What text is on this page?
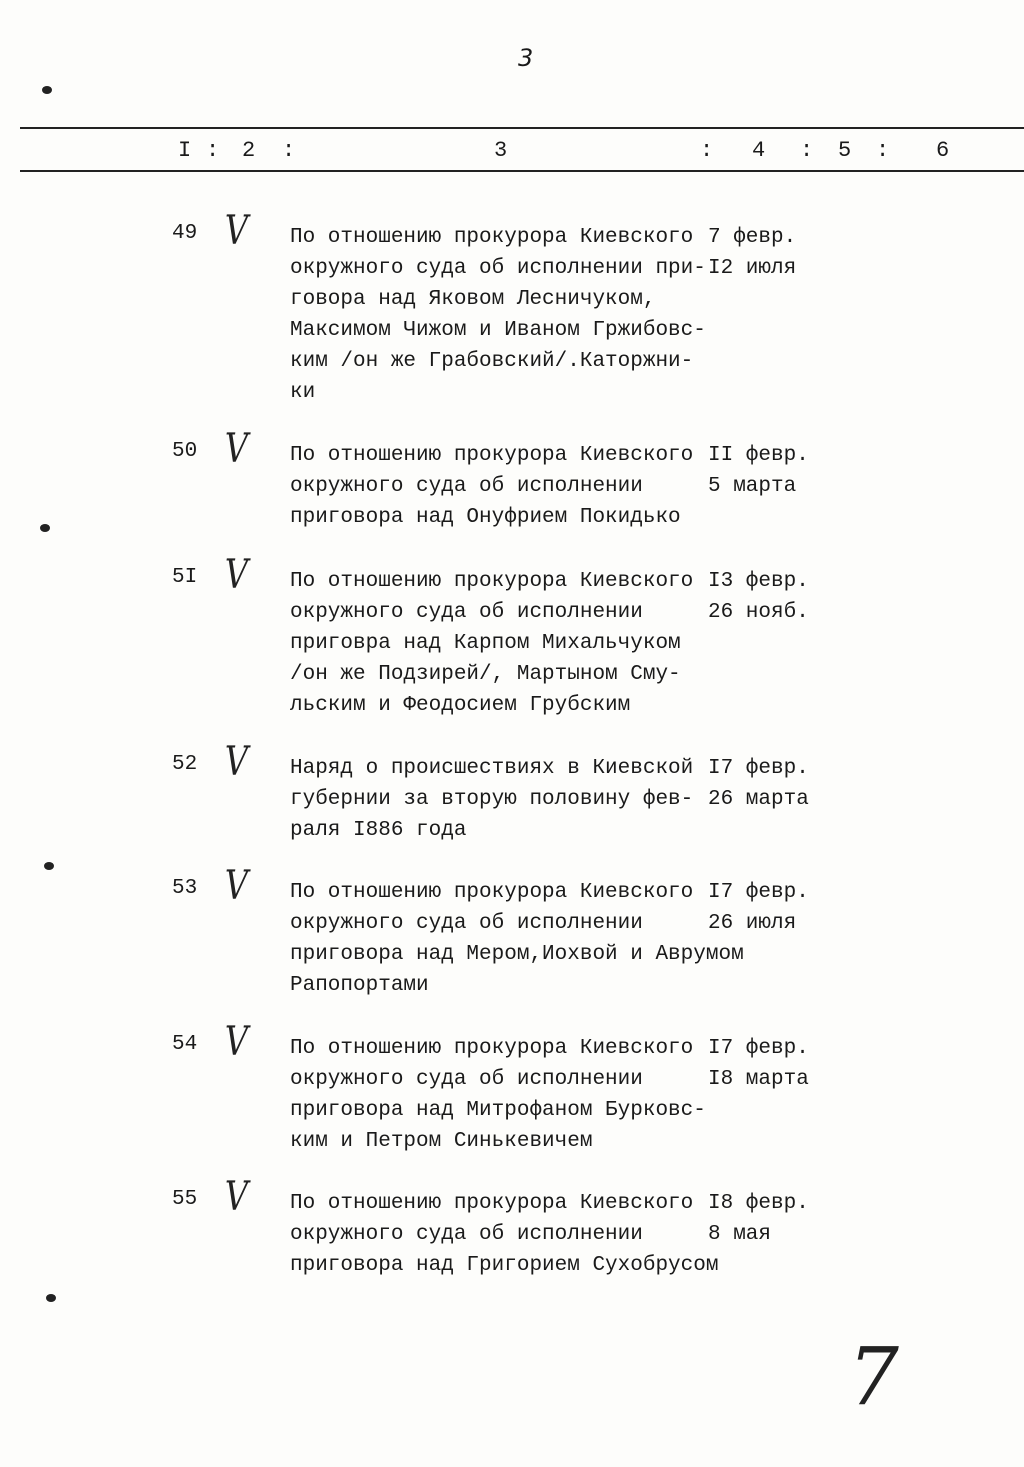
3
I : 2 :	3	: 4 : 5 : 6
49 V По отношению прокурора Киевского
окружного суда об исполнении при-
говора над Яковом Лесничуком,
Максимом Чижом и Иваном Гржибовс-
ким /он же Грабовский/.Каторжни-
ки
7 февр.
I2 июля
50 V По отношению прокурора Киевского
окружного суда об исполнении
приговора над Онуфрием Покидько
II февр.
5 марта
5I V По отношению прокурора Киевского
окружного суда об исполнении
приговра над Карпом Михальчуком
/он же Подзирей/, Мартыном Сму-
льским и Феодосием Грубским
I3 февр.
26 нояб.
52 V Наряд о происшествиях в Киевской
губернии за вторую половину фев-
раля I886 года
I7 февр.
26 марта
53 V По отношению прокурора Киевского
окружного суда об исполнении
приговора над Мером,Иохвой и Аврумом
Рапопортами
I7 февр.
26 июля
54 V По отношению прокурора Киевского
окружного суда об исполнении
приговора над Митрофаном Бурковс-
ким и Петром Синькевичем
I7 февр.
I8 марта
55 V По отношению прокурора Киевского
окружного суда об исполнении
приговора над Григорием Сухобрусом
I8 февр.
8 мая
7
